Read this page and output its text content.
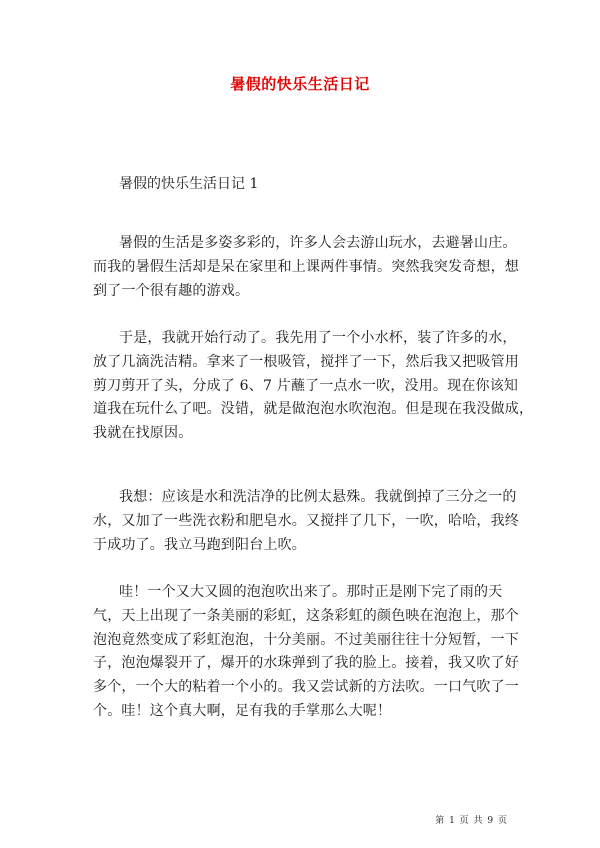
暑假的快乐生活日记
暑假的快乐生活日记 1
暑假的生活是多姿多彩的，许多人会去游山玩水，去避暑山庄。
而我的暑假生活却是呆在家里和上课两件事情。突然我突发奇想，想
到了一个很有趣的游戏。
于是，我就开始行动了。我先用了一个小水杯，装了许多的水，
放了几滴洗洁精。拿来了一根吸管，搅拌了一下，然后我又把吸管用
剪刀剪开了头，分成了 6、7 片蘸了一点水一吹，没用。现在你该知
道我在玩什么了吧。没错，就是做泡泡水吹泡泡。但是现在我没做成，
我就在找原因。
我想：应该是水和洗洁净的比例太悬殊。我就倒掉了三分之一的
水，又加了一些洗衣粉和肥皂水。又搅拌了几下，一吹，哈哈，我终
于成功了。我立马跑到阳台上吹。
哇！一个又大又圆的泡泡吹出来了。那时正是刚下完了雨的天
气，天上出现了一条美丽的彩虹，这条彩虹的颜色映在泡泡上，那个
泡泡竟然变成了彩虹泡泡，十分美丽。不过美丽往往十分短暂，一下
子，泡泡爆裂开了，爆开的水珠弹到了我的脸上。接着，我又吹了好
多个，一个大的粘着一个小的。我又尝试新的方法吹。一口气吹了一
个。哇！这个真大啊，足有我的手掌那么大呢！
第 1 页 共 9 页
